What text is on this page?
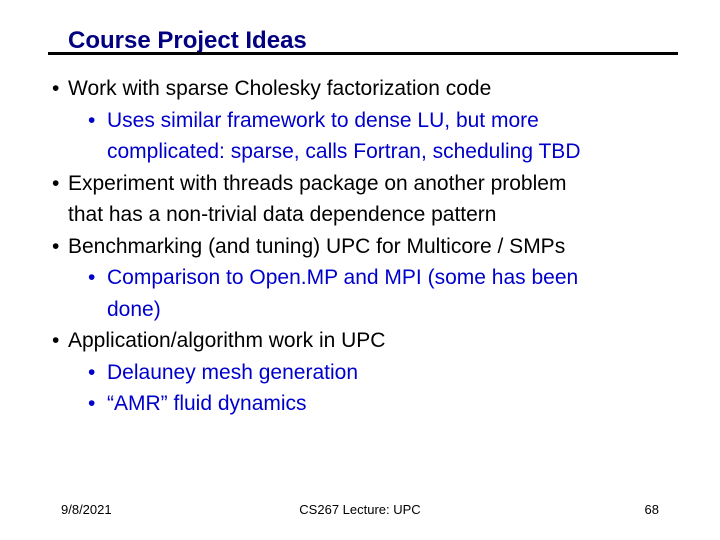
Course Project Ideas
• Work with sparse Cholesky factorization code
• Uses similar framework to dense LU, but more
complicated: sparse, calls Fortran, scheduling TBD
• Experiment with threads package on another problem
that has a non-trivial data dependence pattern
• Benchmarking (and tuning) UPC for Multicore / SMPs
• Comparison to Open.MP and MPI (some has been
done)
• Application/algorithm work in UPC
• Delauney mesh generation
• “AMR” fluid dynamics
9/8/2021	CS267 Lecture: UPC	68
